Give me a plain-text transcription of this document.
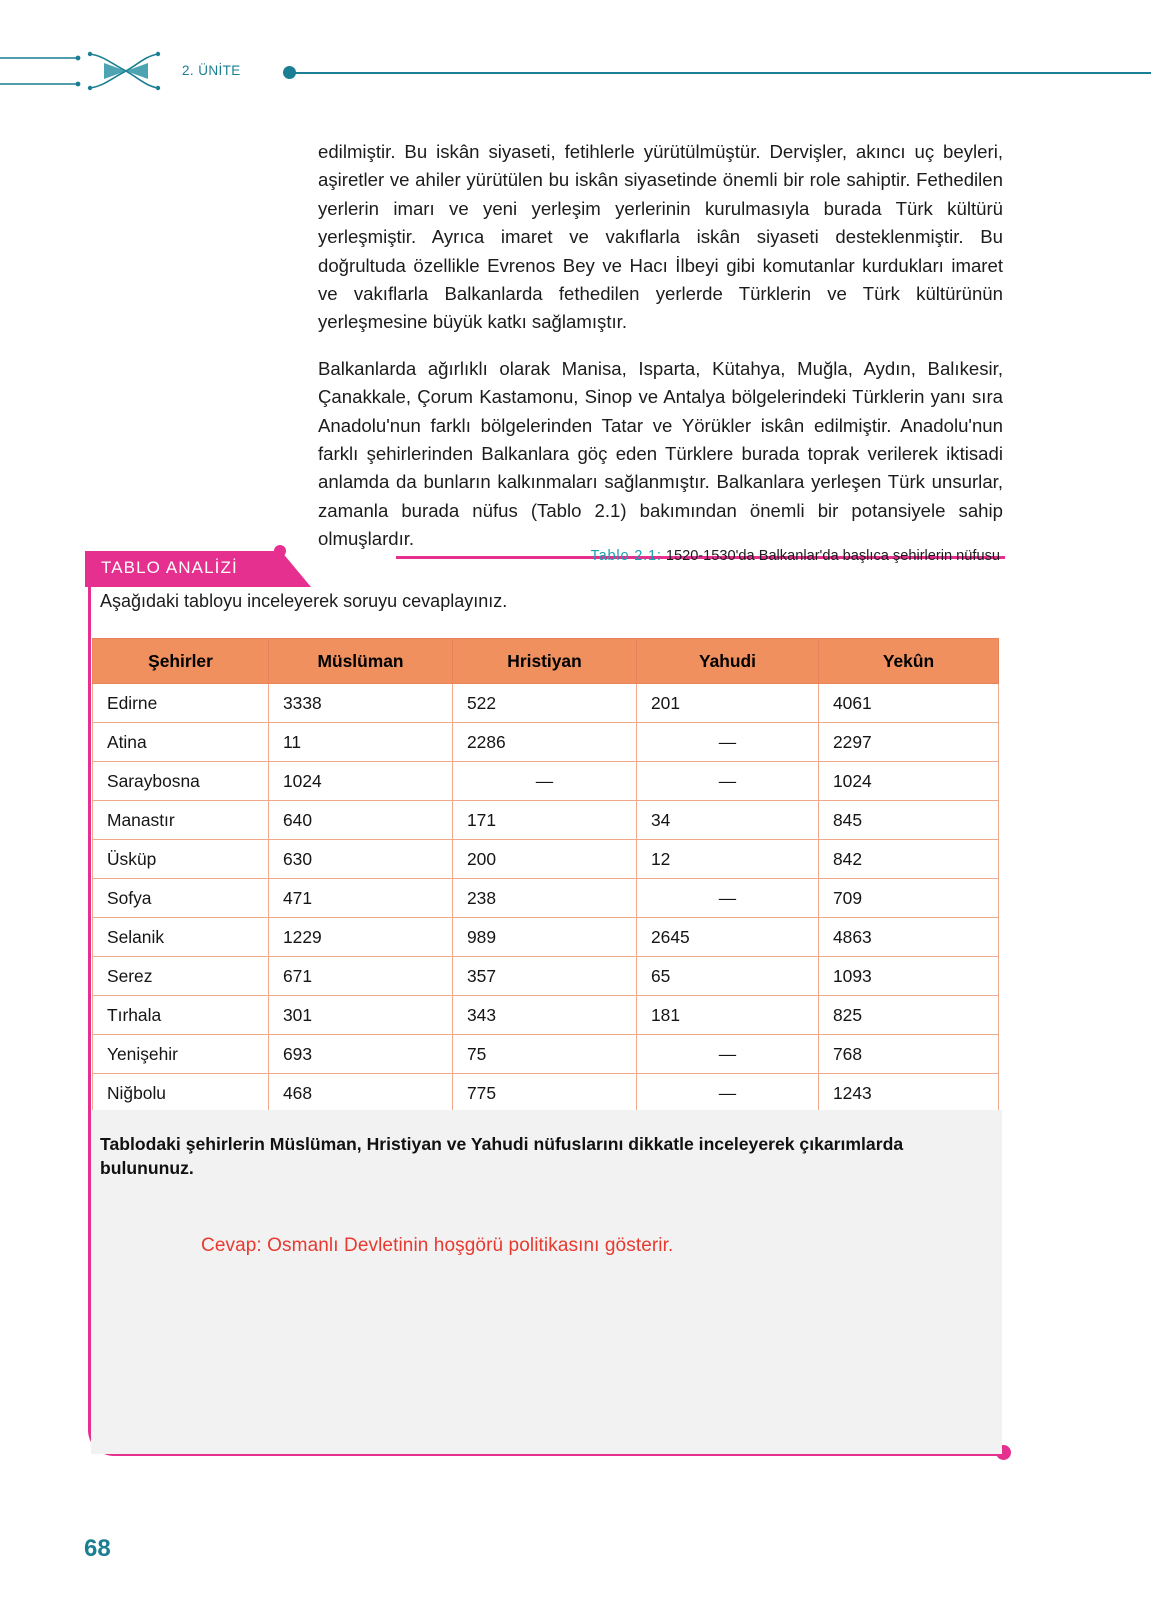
2. ÜNİTE

edilmiştir. Bu iskân siyaseti, fetihlerle yürütülmüştür. Dervişler, akıncı uç beyleri, aşiretler ve ahiler yürütülen bu iskân siyasetinde önemli bir role sahiptir. Fethedilen yerlerin imarı ve yeni yerleşim yerlerinin kurulmasıyla burada Türk kültürü yerleşmiştir. Ayrıca imaret ve vakıflarla iskân siyaseti desteklenmiştir. Bu doğrultuda özellikle Evrenos Bey ve Hacı İlbeyi gibi komutanlar kurdukları imaret ve vakıflarla Balkanlarda fethedilen yerlerde Türklerin ve Türk kültürünün yerleşmesine büyük katkı sağlamıştır.

Balkanlarda ağırlıklı olarak Manisa, Isparta, Kütahya, Muğla, Aydın, Balıkesir, Çanakkale, Çorum Kastamonu, Sinop ve Antalya bölgelerindeki Türklerin yanı sıra Anadolu'nun farklı bölgelerinden Tatar ve Yörükler iskân edilmiştir. Anadolu'nun farklı şehirlerinden Balkanlara göç eden Türklere burada toprak verilerek iktisadi anlamda da bunların kalkınmaları sağlanmıştır. Balkanlara yerleşen Türk unsurlar, zamanla burada nüfus (Tablo 2.1) bakımından önemli bir potansiyele sahip olmuşlardır.

TABLO ANALİZİ
Tablo 2.1: 1520-1530'da Balkanlar'da başlıca şehirlerin nüfusu
Aşağıdaki tabloyu inceleyerek soruyu cevaplayınız.
Şehirler	Müslüman	Hristiyan	Yahudi	Yekûn
Edirne	3338	522	201	4061
Atina	11	2286	—	2297
Saraybosna	1024	—	—	1024
Manastır	640	171	34	845
Üsküp	630	200	12	842
Sofya	471	238	—	709
Selanik	1229	989	2645	4863
Serez	671	357	65	1093
Tırhala	301	343	181	825
Yenişehir	693	75	—	768
Niğbolu	468	775	—	1243
Tablodaki şehirlerin Müslüman, Hristiyan ve Yahudi nüfuslarını dikkatle inceleyerek çıkarımlarda bulununuz.
Cevap: Osmanlı Devletinin hoşgörü politikasını gösterir.
68
